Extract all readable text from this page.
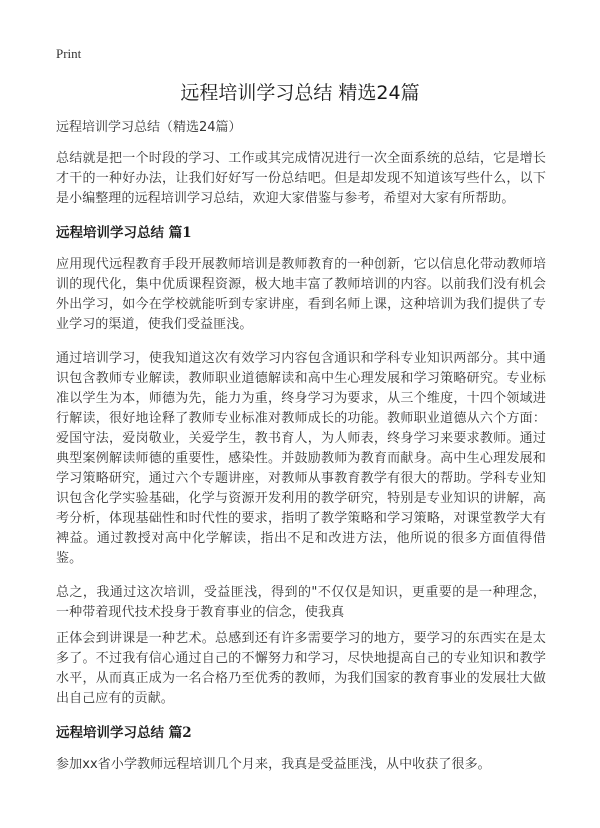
Print
远程培训学习总结 精选24篇

远程培训学习总结（精选24篇）

总结就是把一个时段的学习、工作或其完成情况进行一次全面系统的总结，它是增长才干的一种好办法，让我们好好写一份总结吧。但是却发现不知道该写些什么，以下是小编整理的远程培训学习总结，欢迎大家借鉴与参考，希望对大家有所帮助。

远程培训学习总结 篇1

应用现代远程教育手段开展教师培训是教师教育的一种创新，它以信息化带动教师培训的现代化，集中优质课程资源，极大地丰富了教师培训的内容。以前我们没有机会外出学习，如今在学校就能听到专家讲座，看到名师上课，这种培训为我们提供了专业学习的渠道，使我们受益匪浅。

通过培训学习，使我知道这次有效学习内容包含通识和学科专业知识两部分。其中通识包含教师专业解读，教师职业道德解读和高中生心理发展和学习策略研究。专业标准以学生为本，师德为先，能力为重，终身学习为要求，从三个维度，十四个领域进行解读，很好地诠释了教师专业标准对教师成长的功能。教师职业道德从六个方面：爱国守法，爱岗敬业，关爱学生，教书育人，为人师表，终身学习来要求教师。通过典型案例解读师德的重要性，感染性。并鼓励教师为教育而献身。高中生心理发展和学习策略研究，通过六个专题讲座，对教师从事教育教学有很大的帮助。学科专业知识包含化学实验基础，化学与资源开发利用的教学研究，特别是专业知识的讲解，高考分析，体现基础性和时代性的要求，指明了教学策略和学习策略，对课堂教学大有裨益。通过教授对高中化学解读，指出不足和改进方法，他所说的很多方面值得借鉴。

总之，我通过这次培训，受益匪浅，得到的"不仅仅是知识，更重要的是一种理念，一种带着现代技术投身于教育事业的信念，使我真

正体会到讲课是一种艺术。总感到还有许多需要学习的地方，要学习的东西实在是太多了。不过我有信心通过自己的不懈努力和学习，尽快地提高自己的专业知识和教学水平，从而真正成为一名合格乃至优秀的教师，为我们国家的教育事业的发展壮大做出自己应有的贡献。

远程培训学习总结 篇2

参加xx省小学教师远程培训几个月来，我真是受益匪浅，从中收获了很多。
